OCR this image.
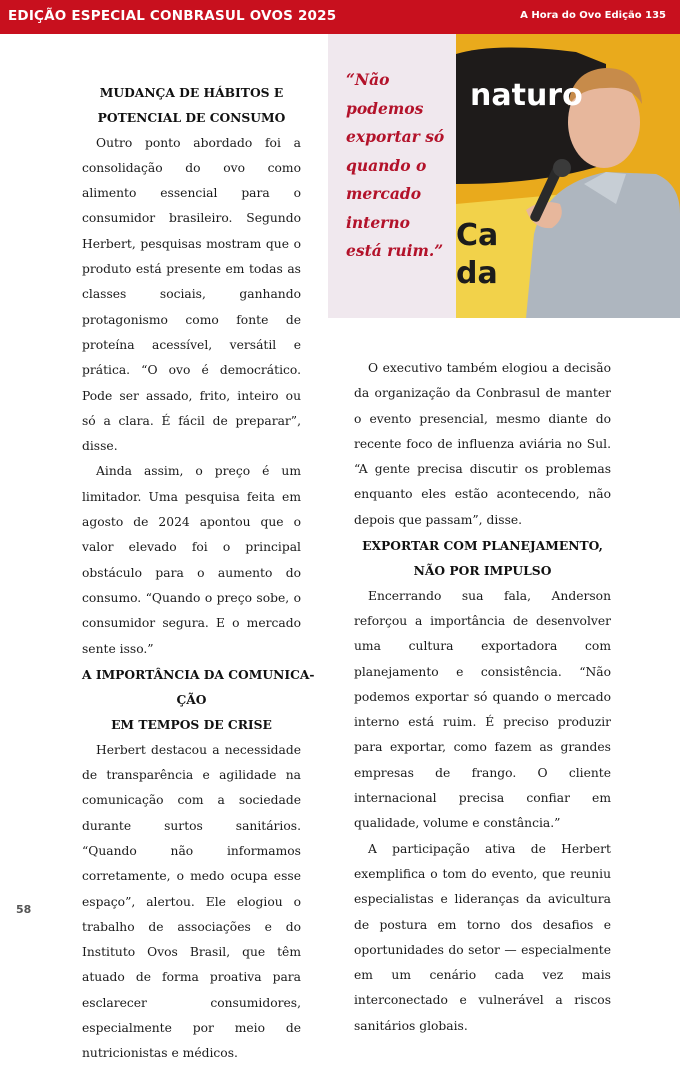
EDIÇÃO ESPECIAL CONBRASUL OVOS 2025	A Hora do Ovo Edição 135
“Não podemos exportar só quando o mercado interno está ruim.”
naturo
Ca
da
MUDANÇA DE HÁBITOS E POTENCIAL DE CONSUMO

Outro ponto abordado foi a consolidação do ovo como alimento essencial para o consumidor brasileiro. Segundo Herbert, pesquisas mostram que o produto está presente em todas as classes sociais, ganhando protagonismo como fonte de proteína acessível, versátil e prática. “O ovo é democrático. Pode ser assado, frito, inteiro ou só a clara. É fácil de preparar”, disse.

Ainda assim, o preço é um limitador. Uma pesquisa feita em agosto de 2024 apontou que o valor elevado foi o principal obstáculo para o aumento do consumo. “Quando o preço sobe, o consumidor segura. E o mercado sente isso.”

A IMPORTÂNCIA DA COMUNICA-
ÇÃO
EM TEMPOS DE CRISE

Herbert destacou a necessidade de transparência e agilidade na comunicação com a sociedade durante surtos sanitários. “Quando não informamos corretamente, o medo ocupa esse espaço”, alertou. Ele elogiou o trabalho de associações e do Instituto Ovos Brasil, que têm atuado de forma proativa para esclarecer consumidores, especialmente por meio de nutricionistas e médicos.

O executivo também elogiou a decisão da organização da Conbrasul de manter o evento presencial, mesmo diante do recente foco de influenza aviária no Sul. “A gente precisa discutir os problemas enquanto eles estão acontecendo, não depois que passam”, disse.

EXPORTAR COM PLANEJAMENTO,
NÃO POR IMPULSO

Encerrando sua fala, Anderson reforçou a importância de desenvolver uma cultura exportadora com planejamento e consistência. “Não podemos exportar só quando o mercado interno está ruim. É preciso produzir para exportar, como fazem as grandes empresas de frango. O cliente internacional precisa confiar em qualidade, volume e constância.”

A participação ativa de Herbert exemplifica o tom do evento, que reuniu especialistas e lideranças da avicultura de postura em torno dos desafios e oportunidades do setor — especialmente em um cenário cada vez mais interconectado e vulnerável a riscos sanitários globais.

58
